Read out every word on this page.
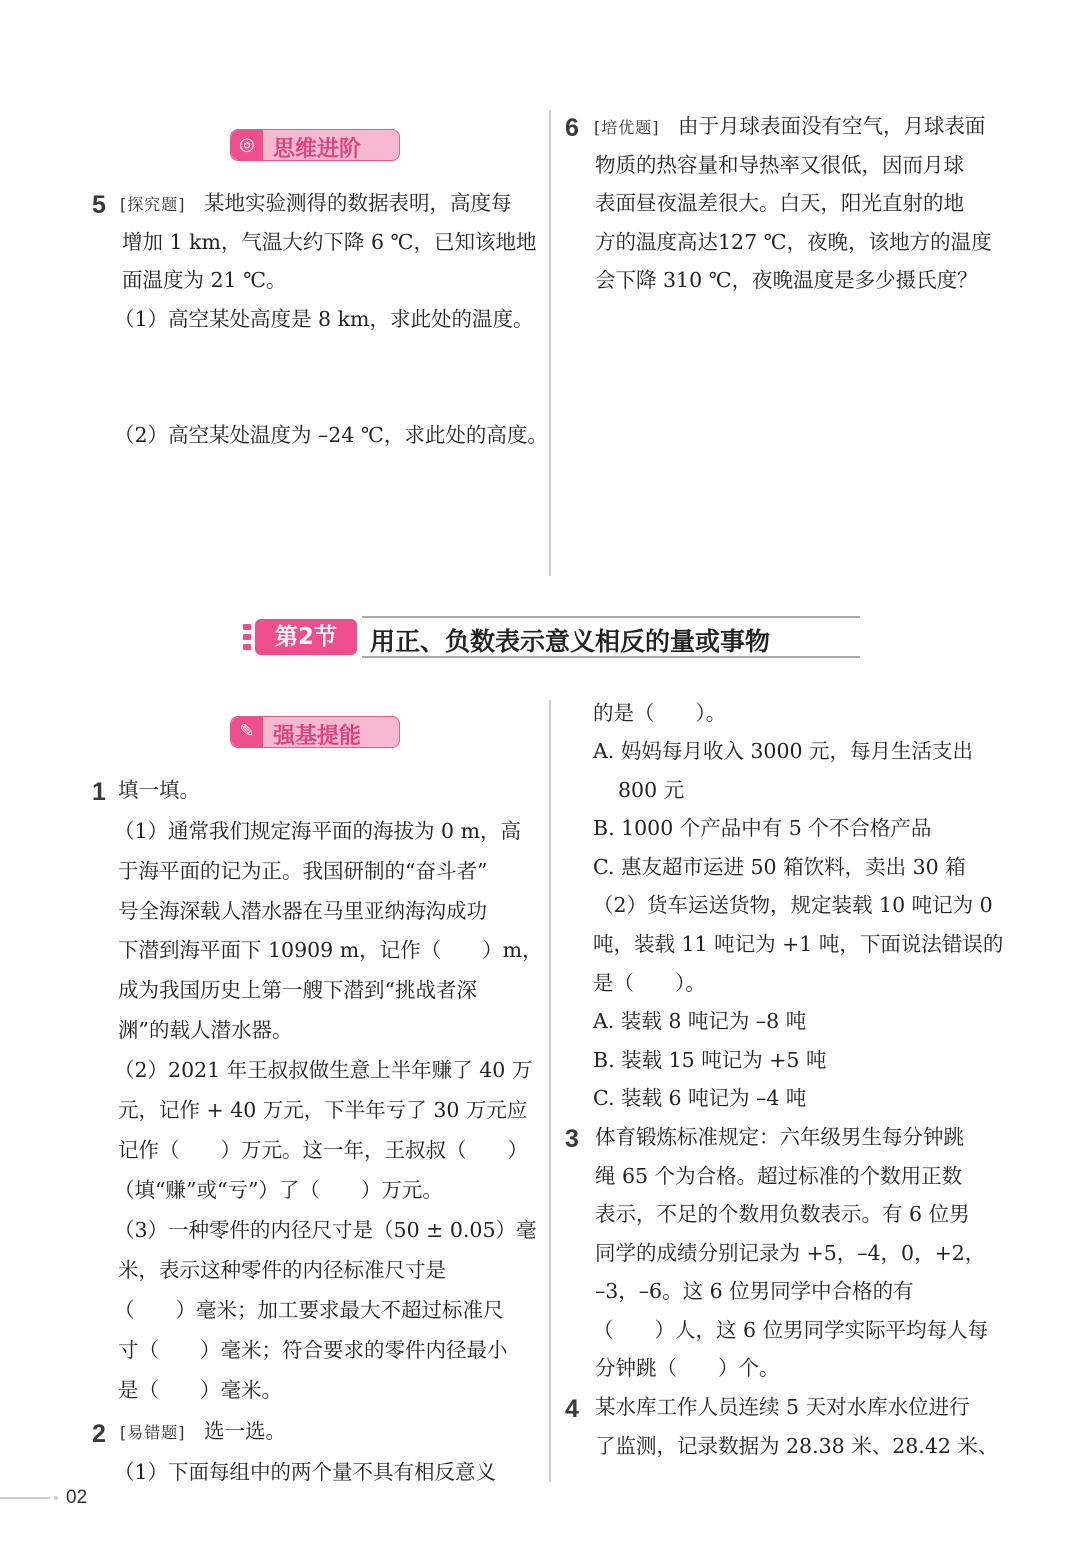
◎ 思维进阶
5 [探究题] 某地实验测得的数据表明，高度每
增加 1 km，气温大约下降 6 ℃，已知该地地
面温度为 21 ℃。
（1）高空某处高度是 8 km，求此处的温度。
（2）高空某处温度为 –24 ℃，求此处的高度。
6 [培优题] 由于月球表面没有空气，月球表面
物质的热容量和导热率又很低，因而月球
表面昼夜温差很大。白天，阳光直射的地
方的温度高达127 ℃，夜晚，该地方的温度
会下降 310 ℃，夜晚温度是多少摄氏度？
第2节	用正、负数表示意义相反的量或事物
✎ 强基提能
1 填一填。
（1）通常我们规定海平面的海拔为 0 m，高
于海平面的记为正。我国研制的“奋斗者”
号全海深载人潜水器在马里亚纳海沟成功
下潜到海平面下 10909 m，记作（　　）m，
成为我国历史上第一艘下潜到“挑战者深
渊”的载人潜水器。
（2）2021 年王叔叔做生意上半年赚了 40 万
元，记作 + 40 万元，下半年亏了 30 万元应
记作（　　）万元。这一年，王叔叔（　　）
（填“赚”或“亏”）了（　　）万元。
（3）一种零件的内径尺寸是（50 ± 0.05）毫
米，表示这种零件的内径标准尺寸是
（　　）毫米；加工要求最大不超过标准尺
寸（　　）毫米；符合要求的零件内径最小
是（　　）毫米。
2 [易错题] 选一选。
（1）下面每组中的两个量不具有相反意义
的是（　　）。
A. 妈妈每月收入 3000 元，每月生活支出
800 元
B. 1000 个产品中有 5 个不合格产品
C. 惠友超市运进 50 箱饮料，卖出 30 箱
（2）货车运送货物，规定装载 10 吨记为 0
吨，装载 11 吨记为 +1 吨，下面说法错误的
是（　　）。
A. 装载 8 吨记为 –8 吨
B. 装载 15 吨记为 +5 吨
C. 装载 6 吨记为 –4 吨
3 体育锻炼标准规定：六年级男生每分钟跳
绳 65 个为合格。超过标准的个数用正数
表示，不足的个数用负数表示。有 6 位男
同学的成绩分别记录为 +5，–4，0，+2，
–3，–6。这 6 位男同学中合格的有
（　　）人，这 6 位男同学实际平均每人每
分钟跳（　　）个。
4 某水库工作人员连续 5 天对水库水位进行
了监测，记录数据为 28.38 米、28.42 米、
02
